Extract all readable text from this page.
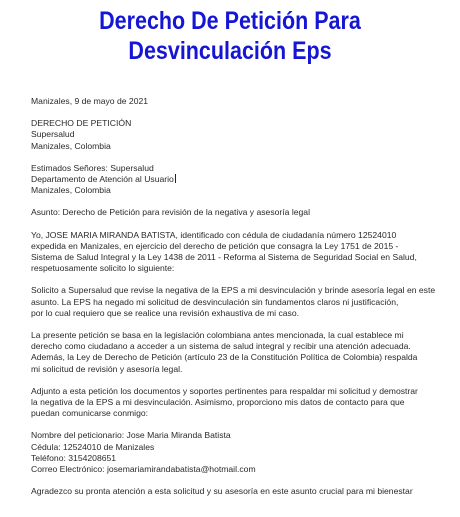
Derecho De Petición Para
Desvinculación Eps

Manizales, 9 de mayo de 2021

DERECHO DE PETICIÓN

Supersalud

Manizales, Colombia

Estimados Señores: Supersalud

Departamento de Atención al Usuario

Manizales, Colombia

Asunto: Derecho de Petición para revisión de la negativa y asesoría legal

Yo, JOSE MARIA MIRANDA BATISTA, identificado con cédula de ciudadanía número 12524010

expedida en Manizales, en ejercicio del derecho de petición que consagra la Ley 1751 de 2015 -

Sistema de Salud Integral y la Ley 1438 de 2011 - Reforma al Sistema de Seguridad Social en Salud,

respetuosamente solicito lo siguiente:

Solicito a Supersalud que revise la negativa de la EPS a mi desvinculación y brinde asesoría legal en este

asunto. La EPS ha negado mi solicitud de desvinculación sin fundamentos claros ni justificación,

por lo cual requiero que se realice una revisión exhaustiva de mi caso.

La presente petición se basa en la legislación colombiana antes mencionada, la cual establece mi

derecho como ciudadano a acceder a un sistema de salud integral y recibir una atención adecuada.

Además, la Ley de Derecho de Petición (artículo 23 de la Constitución Política de Colombia) respalda

mi solicitud de revisión y asesoría legal.

Adjunto a esta petición los documentos y soportes pertinentes para respaldar mi solicitud y demostrar

la negativa de la EPS a mi desvinculación. Asimismo, proporciono mis datos de contacto para que

puedan comunicarse conmigo:

Nombre del peticionario: Jose Maria Miranda Batista

Cédula: 12524010 de Manizales

Teléfono: 3154208651

Correo Electrónico: josemariamirandabatista@hotmail.com

Agradezco su pronta atención a esta solicitud y su asesoría en este asunto crucial para mi bienestar
